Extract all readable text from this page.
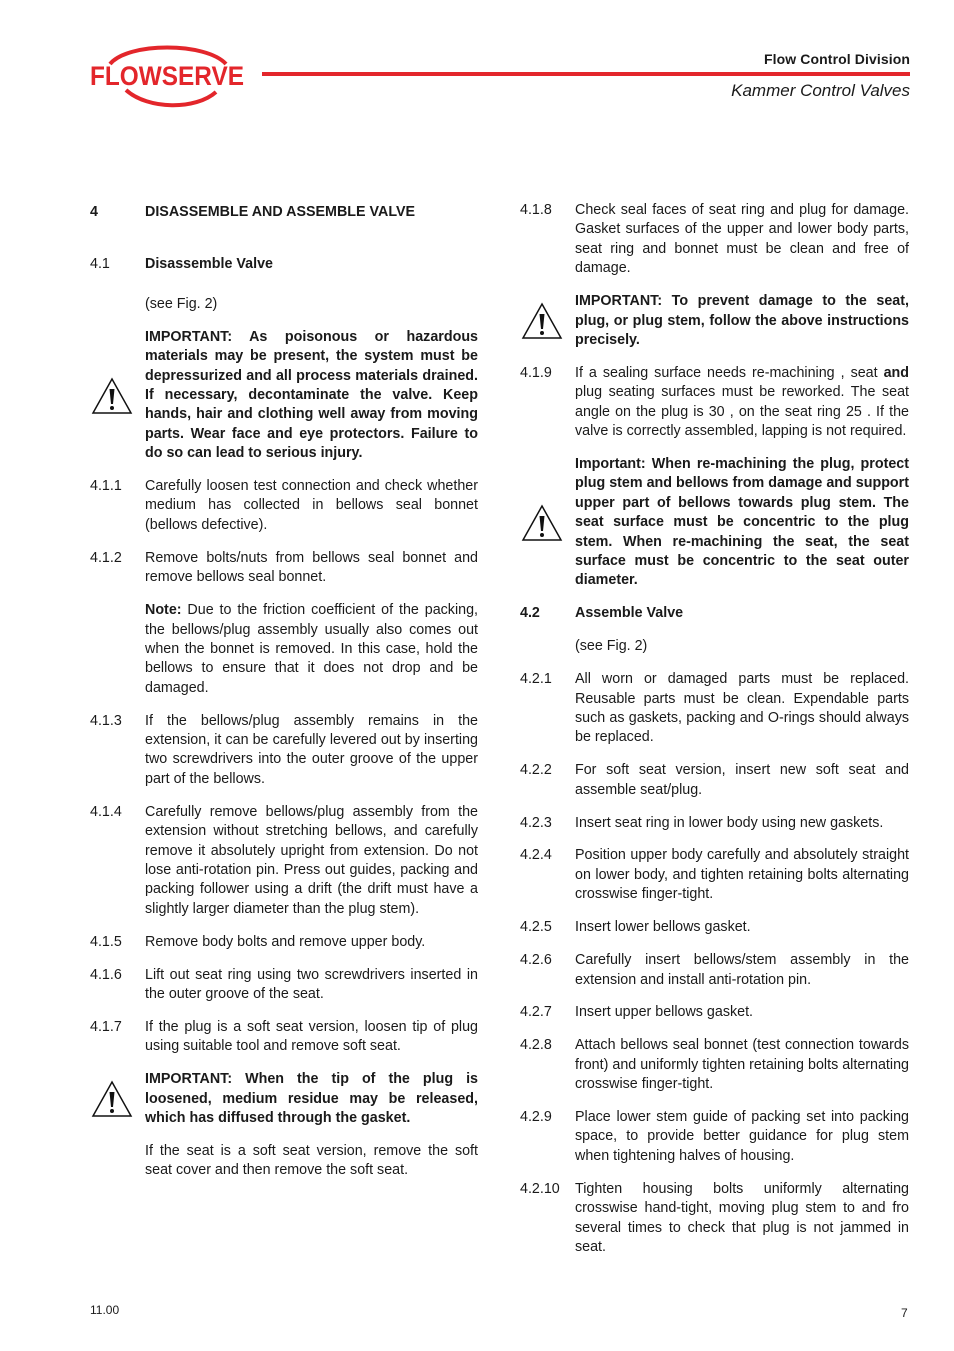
FLOWSERVE
Flow Control Division
Kammer Control Valves
4	DISASSEMBLE AND ASSEMBLE VALVE
4.1	Disassemble Valve
(see Fig. 2)
IMPORTANT: As poisonous or hazardous materials may be present, the system must be depressurized and all process materials drained. If necessary, decontaminate the valve. Keep hands, hair and clothing well away from moving parts. Wear face and eye protectors. Failure to do so can lead to serious injury.
4.1.1	Carefully loosen test connection and check whether medium has collected in bellows seal bonnet (bellows defective).
4.1.2	Remove bolts/nuts from bellows seal bonnet and remove bellows seal bonnet.
Note: Due to the friction coefficient of the packing, the bellows/plug assembly usually also comes out when the bonnet is removed. In this case, hold the bellows to ensure that it does not drop and be damaged.
4.1.3	If the bellows/plug assembly remains in the extension, it can be carefully levered out by inserting two screwdrivers into the outer groove of the upper part of the bellows.
4.1.4	Carefully remove bellows/plug assembly from the extension without stretching bellows, and carefully remove it absolutely upright from extension. Do not lose anti-rotation pin. Press out guides, packing and packing follower using a drift (the drift must have a slightly larger diameter than the plug stem).
4.1.5	Remove body bolts and remove upper body.
4.1.6	Lift out seat ring using two screwdrivers inserted in the outer groove of the seat.
4.1.7	If the plug is a soft seat version, loosen tip of plug using suitable tool and remove soft seat.
IMPORTANT: When the tip of the plug is loosened, medium residue may be released, which has diffused through the gasket.
If the seat is a soft seat version, remove the soft seat cover and then remove the soft seat.
4.1.8	Check seal faces of seat ring and plug for damage. Gasket surfaces of the upper and lower body parts, seat ring and bonnet must be clean and free of damage.
IMPORTANT: To prevent damage to the seat, plug, or plug stem, follow the above instructions precisely.
4.1.9	If a sealing surface needs re-machining , seat and plug seating surfaces must be reworked. The seat angle on the plug is 30 , on the seat ring 25 . If the valve is correctly assembled, lapping is not required.
Important: When re-machining the plug, protect plug stem and bellows from damage and support upper part of bellows towards plug stem. The seat surface must be concentric to the plug stem. When re-machining the seat, the seat surface must be concentric to the seat outer diameter.
4.2	Assemble Valve
(see Fig. 2)
4.2.1	All worn or damaged parts must be replaced. Reusable parts must be clean. Expendable parts such as gaskets, packing and O-rings should always be replaced.
4.2.2	For soft seat version, insert new soft seat and assemble seat/plug.
4.2.3	Insert seat ring in lower body using new gaskets.
4.2.4	Position upper body carefully and absolutely straight on lower body, and tighten retaining bolts alternating crosswise finger-tight.
4.2.5	Insert lower bellows gasket.
4.2.6	Carefully insert bellows/stem assembly in the extension and install anti-rotation pin.
4.2.7	Insert upper bellows gasket.
4.2.8	Attach bellows seal bonnet (test connection towards front) and uniformly tighten retaining bolts alternating crosswise finger-tight.
4.2.9	Place lower stem guide of packing set into packing space, to provide better guidance for plug stem when tightening halves of housing.
4.2.10	Tighten housing bolts uniformly alternating crosswise hand-tight, moving plug stem to and fro several times to check that plug is not jammed in seat.
11.00	7
